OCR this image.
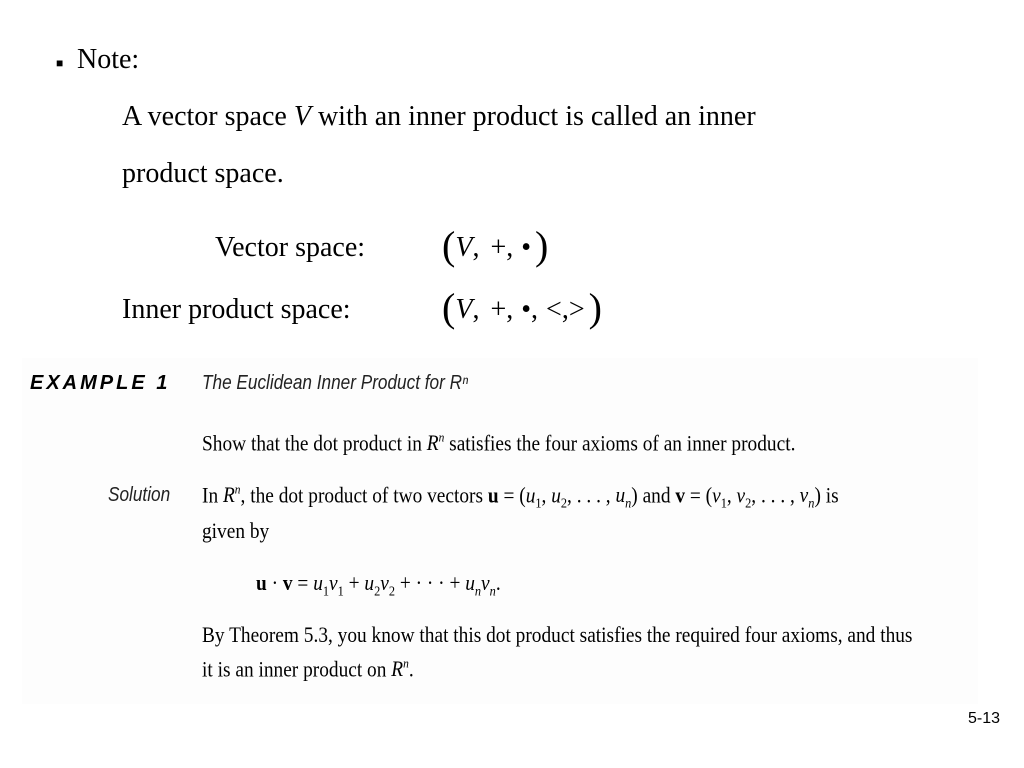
■ Note:
A vector space V with an inner product is called an inner
product space.
Vector space: (V, +, • )
Inner product space: (V, +, •, <,> )
EXAMPLE 1 The Euclidean Inner Product for Rⁿ
Show that the dot product in $R^n$ satisfies the four axioms of an inner product.
Solution In $R^n$, the dot product of two vectors $u = (u_1$, $u_2$, . . . , $u_n$) and $v = (v_1$, $v_2$, . . . , $v_n$) is
given by
$u \cdot v = u_1v_1 + u_2v_2$ + · · · + $u_nv_n$.
By Theorem 5.3, you know that this dot product satisfies the required four axioms, and thus
it is an inner product on $R^n$.
5-13
